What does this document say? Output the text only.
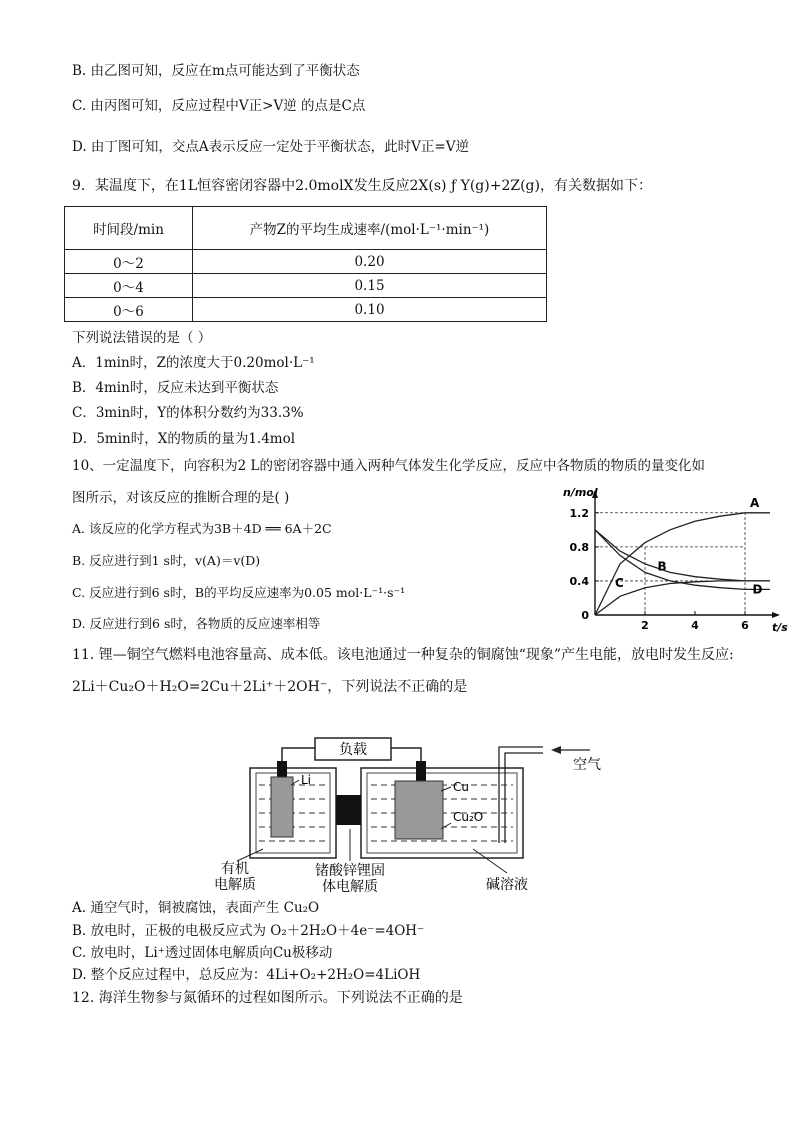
B. 由乙图可知，反应在m点可能达到了平衡状态
C. 由丙图可知，反应过程中V正>V逆 的点是C点
D. 由丁图可知，交点A表示反应一定处于平衡状态，此时V正=V逆
9．某温度下，在1L恒容密闭容器中2.0molX发生反应2X(s) ƒ Y(g)+2Z(g)，有关数据如下：
时间段/min	产物Z的平均生成速率/(mol·L⁻¹·min⁻¹)
0～2	0.20
0～4	0.15
0～6	0.10
下列说法错误的是（ ）
A．1min时，Z的浓度大于0.20mol·L⁻¹
B．4min时，反应未达到平衡状态
C．3min时，Y的体积分数约为33.3%
D．5min时，X的物质的量为1.4mol
10、一定温度下，向容积为2 L的密闭容器中通入两种气体发生化学反应，反应中各物质的物质的量变化如
图所示，对该反应的推断合理的是( )
A. 该反应的化学方程式为3B＋4D ══ 6A＋2C
B. 反应进行到1 s时，v(A)＝v(D)
C. 反应进行到6 s时，B的平均反应速率为0.05 mol·L⁻¹·s⁻¹
D. 反应进行到6 s时，各物质的反应速率相等
0
0.4
0.8
1.2
2	4	6
n/mol
t/s
A
B
C	D
11. 锂—铜空气燃料电池容量高、成本低。该电池通过一种复杂的铜腐蚀“现象”产生电能，放电时发生反应:
2Li＋Cu₂O＋H₂O=2Cu＋2Li⁺＋2OH⁻，下列说法不正确的是
负载
空气
Li	Cu
Cu₂O
有机
电解质
锗酸锌锂固
体电解质	碱溶液
A. 通空气时，铜被腐蚀，表面产生 Cu₂O
B. 放电时，正极的电极反应式为 O₂＋2H₂O＋4e⁻=4OH⁻
C. 放电时，Li⁺透过固体电解质向Cu极移动
D. 整个反应过程中，总反应为：4Li+O₂+2H₂O=4LiOH
12. 海洋生物参与氮循环的过程如图所示。下列说法不正确的是
